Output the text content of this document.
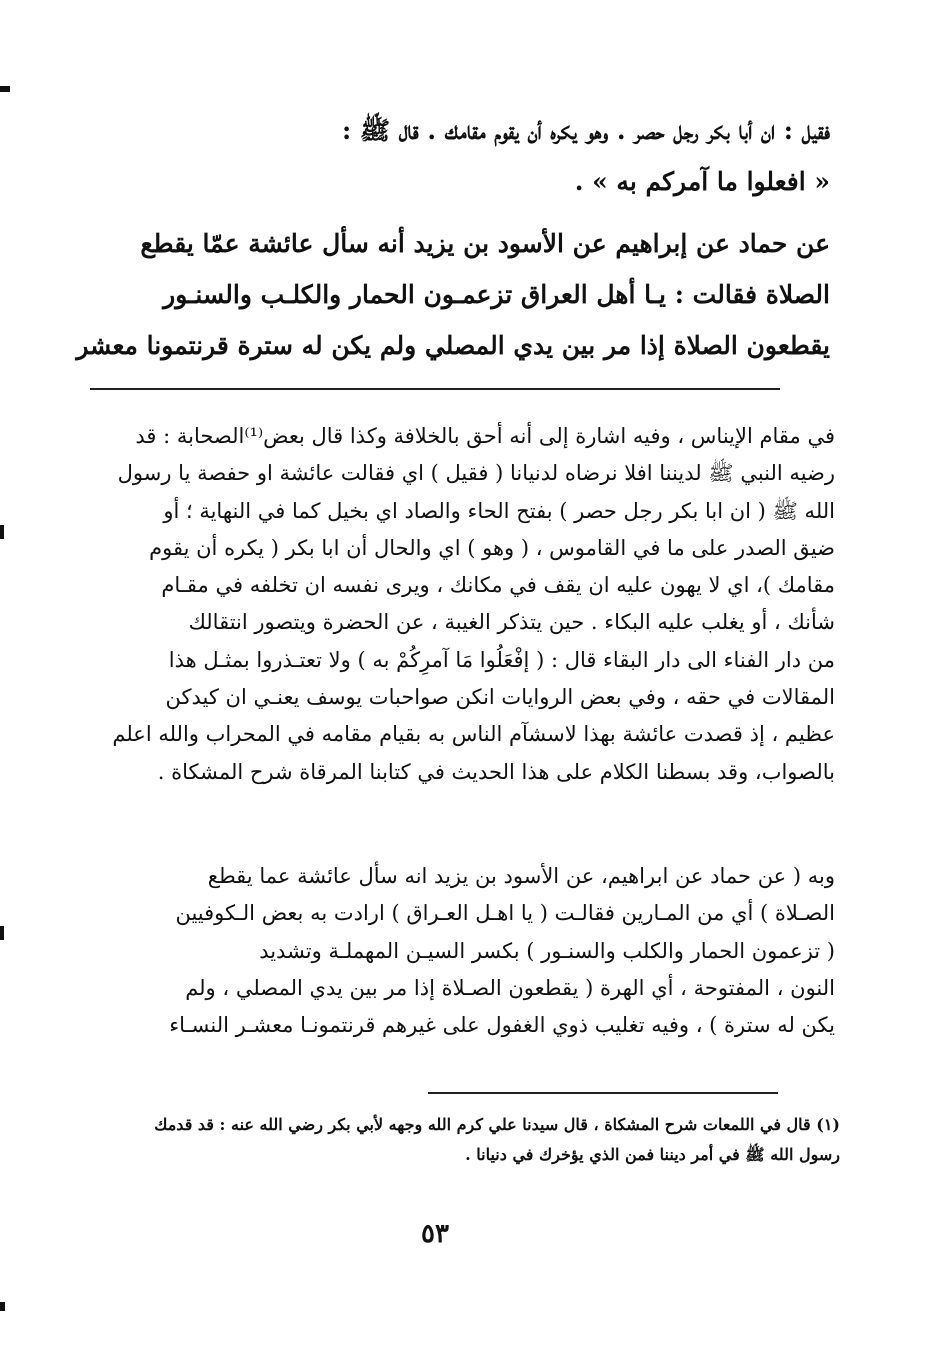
فقيل : ان أبا بكر رجل حصر . وهو يكره أن يقوم مقامك . قال ﷺ :
« افعلوا ما آمركم به » .
عن حماد عن إبراهيم عن الأسود بن يزيد أنه سأل عائشة عمّا يقطع
الصلاة فقالت : يـا أهل العراق تزعمـون الحمار والكلـب والسنـور
يقطعون الصلاة إذا مر بين يدي المصلي ولم يكن له سترة قرنتمونا معشر
في مقام الإيناس ، وفيه اشارة إلى أنه أحق بالخلافة وكذا قال بعض⁽¹⁾الصحابة : قد
رضيه النبي ﷺ لديننا افلا نرضاه لدنيانا ( فقيل ) اي فقالت عائشة او حفصة يا رسول
الله ﷺ ( ان ابا بكر رجل حصر ) بفتح الحاء والصاد اي بخيل كما في النهاية ؛ أو
ضيق الصدر على ما في القاموس ، ( وهو ) اي والحال أن ابا بكر ( يكره أن يقوم
مقامك )، اي لا يهون عليه ان يقف في مكانك ، ويرى نفسه ان تخلفه في مقـام
شأنك ، أو يغلب عليه البكاء . حين يتذكر الغيبة ، عن الحضرة ويتصور انتقالك
من دار الفناء الى دار البقاء قال : ( إفْعَلُوا مَا آمرِكُمْ به ) ولا تعتـذروا بمثـل هذا
المقالات في حقه ، وفي بعض الروايات انكن صواحبات يوسف يعنـي ان كيدكن
عظيم ، إذ قصدت عائشة بهذا لاسشآم الناس به بقيام مقامه في المحراب والله اعلم
بالصواب، وقد بسطنا الكلام على هذا الحديث في كتابنا المرقاة شرح المشكاة .
وبه ( عن حماد عن ابراهيم، عن الأسود بن يزيد انه سأل عائشة عما يقطع
الصـلاة ) أي من المـارين فقالـت ( يا اهـل العـراق ) ارادت به بعض الـكوفيين
( تزعمون الحمار والكلب والسنـور ) بكسر السيـن المهملـة وتشديد
النون ، المفتوحة ، أي الهرة ( يقطعون الصـلاة إذا مر بين يدي المصلي ، ولم
يكن له سترة ) ، وفيه تغليب ذوي الغفول على غيرهم قرنتمونـا معشـر النسـاء
(١) قال في اللمعات شرح المشكاة ، قال سيدنا علي كرم الله وجهه لأبي بكر رضي الله عنه : قد قدمك
رسول الله ﷺ في أمر ديننا فمن الذي يؤخرك في دنيانا .
٥٣
